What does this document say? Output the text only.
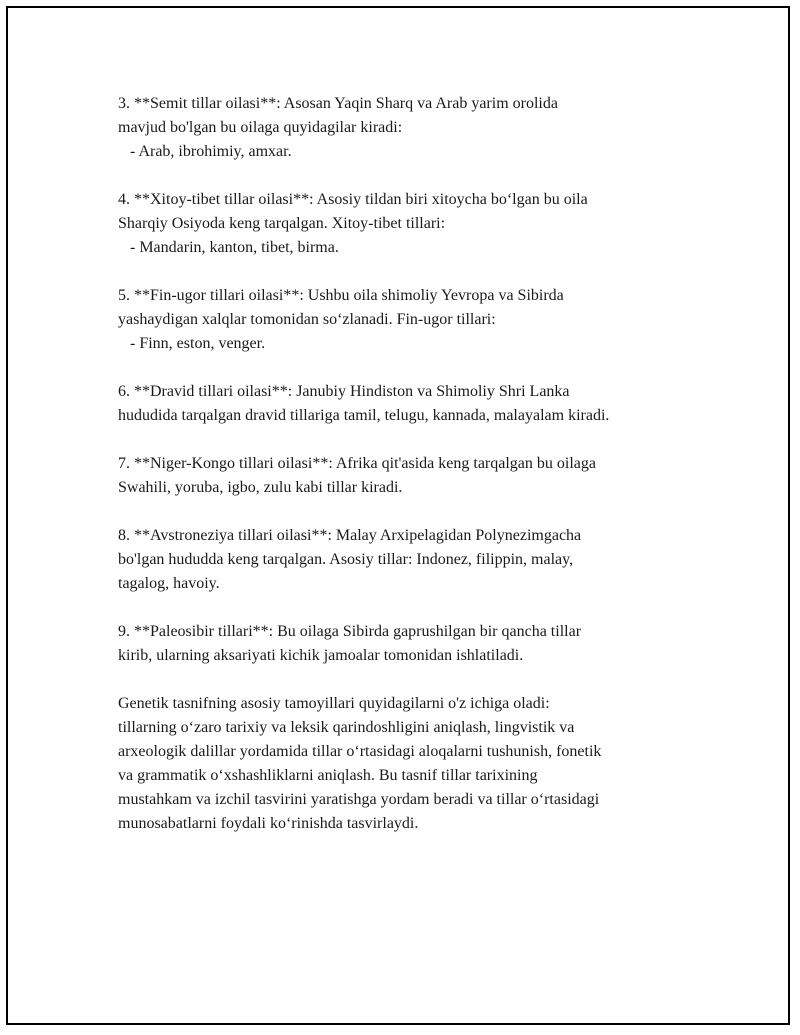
3. **Semit tillar oilasi**: Asosan Yaqin Sharq va Arab yarim orolida
mavjud bo'lgan bu oilaga quyidagilar kiradi:
- Arab, ibrohimiy, amxar.

4. **Xitoy-tibet tillar oilasi**: Asosiy tildan biri xitoycha bo‘lgan bu oila
Sharqiy Osiyoda keng tarqalgan. Xitoy-tibet tillari:
- Mandarin, kanton, tibet, birma.

5. **Fin-ugor tillari oilasi**: Ushbu oila shimoliy Yevropa va Sibirda
yashaydigan xalqlar tomonidan so‘zlanadi. Fin-ugor tillari:
- Finn, eston, venger.

6. **Dravid tillari oilasi**: Janubiy Hindiston va Shimoliy Shri Lanka
hududida tarqalgan dravid tillariga tamil, telugu, kannada, malayalam kiradi.

7. **Niger-Kongo tillari oilasi**: Afrika qit'asida keng tarqalgan bu oilaga
Swahili, yoruba, igbo, zulu kabi tillar kiradi.

8. **Avstroneziya tillari oilasi**: Malay Arxipelagidan Polynezimgacha
bo'lgan hududda keng tarqalgan. Asosiy tillar: Indonez, filippin, malay,
tagalog, havoiy.

9. **Paleosibir tillari**: Bu oilaga Sibirda gaprushilgan bir qancha tillar
kirib, ularning aksariyati kichik jamoalar tomonidan ishlatiladi.

Genetik tasnifning asosiy tamoyillari quyidagilarni o'z ichiga oladi:
tillarning o‘zaro tarixiy va leksik qarindoshligini aniqlash, lingvistik va
arxeologik dalillar yordamida tillar o‘rtasidagi aloqalarni tushunish, fonetik
va grammatik o‘xshashliklarni aniqlash. Bu tasnif tillar tarixining
mustahkam va izchil tasvirini yaratishga yordam beradi va tillar o‘rtasidagi
munosabatlarni foydali ko‘rinishda tasvirlaydi.
